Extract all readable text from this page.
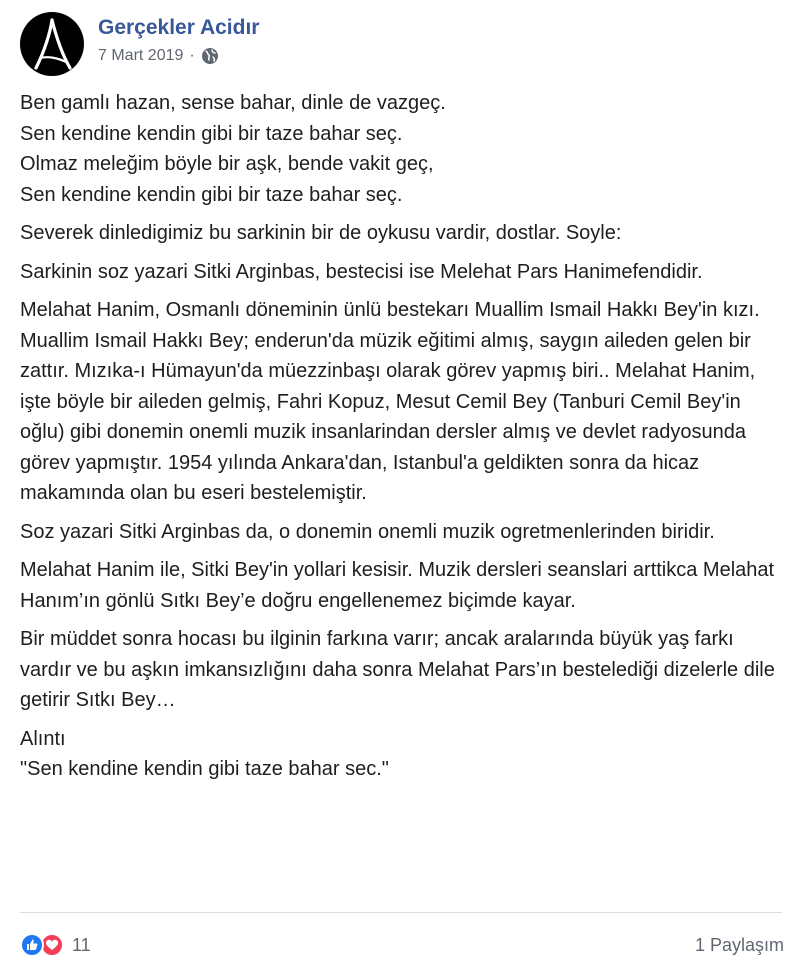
Gerçekler Acidır
7 Mart 2019 ·

Ben gamlı hazan, sense bahar, dinle de vazgeç.
Sen kendine kendin gibi bir taze bahar seç.
Olmaz meleğim böyle bir aşk, bende vakit geç,
Sen kendine kendin gibi bir taze bahar seç.

Severek dinledigimiz bu sarkinin bir de oykusu vardir, dostlar. Soyle:

Sarkinin soz yazari Sitki Arginbas, bestecisi ise Melehat Pars Hanimefendidir.

Melahat Hanim, Osmanlı döneminin ünlü bestekarı Muallim Ismail Hakkı Bey'in kızı. Muallim Ismail Hakkı Bey; enderun'da müzik eğitimi almış, saygın aileden gelen bir zattır. Mızıka-ı Hümayun'da müezzinbaşı olarak görev yapmış biri.. Melahat Hanim, işte böyle bir aileden gelmiş, Fahri Kopuz, Mesut Cemil Bey (Tanburi Cemil Bey'in oğlu) gibi donemin onemli muzik insanlarindan dersler almış ve devlet radyosunda görev yapmıştır. 1954 yılında Ankara'dan, Istanbul'a geldikten sonra da hicaz makamında olan bu eseri bestelemiştir.

Soz yazari Sitki Arginbas da, o donemin onemli muzik ogretmenlerinden biridir.

Melahat Hanim ile, Sitki Bey'in yollari kesisir. Muzik dersleri seanslari arttikca Melahat Hanım’ın gönlü Sıtkı Bey’e doğru engellenemez biçimde kayar.

Bir müddet sonra hocası bu ilginin farkına varır; ancak aralarında büyük yaş farkı vardır ve bu aşkın imkansızlığını daha sonra Melahat Pars’ın bestelediği dizelerle dile getirir Sıtkı Bey…

Alıntı
"Sen kendine kendin gibi taze bahar sec."

11	1 Paylaşım
